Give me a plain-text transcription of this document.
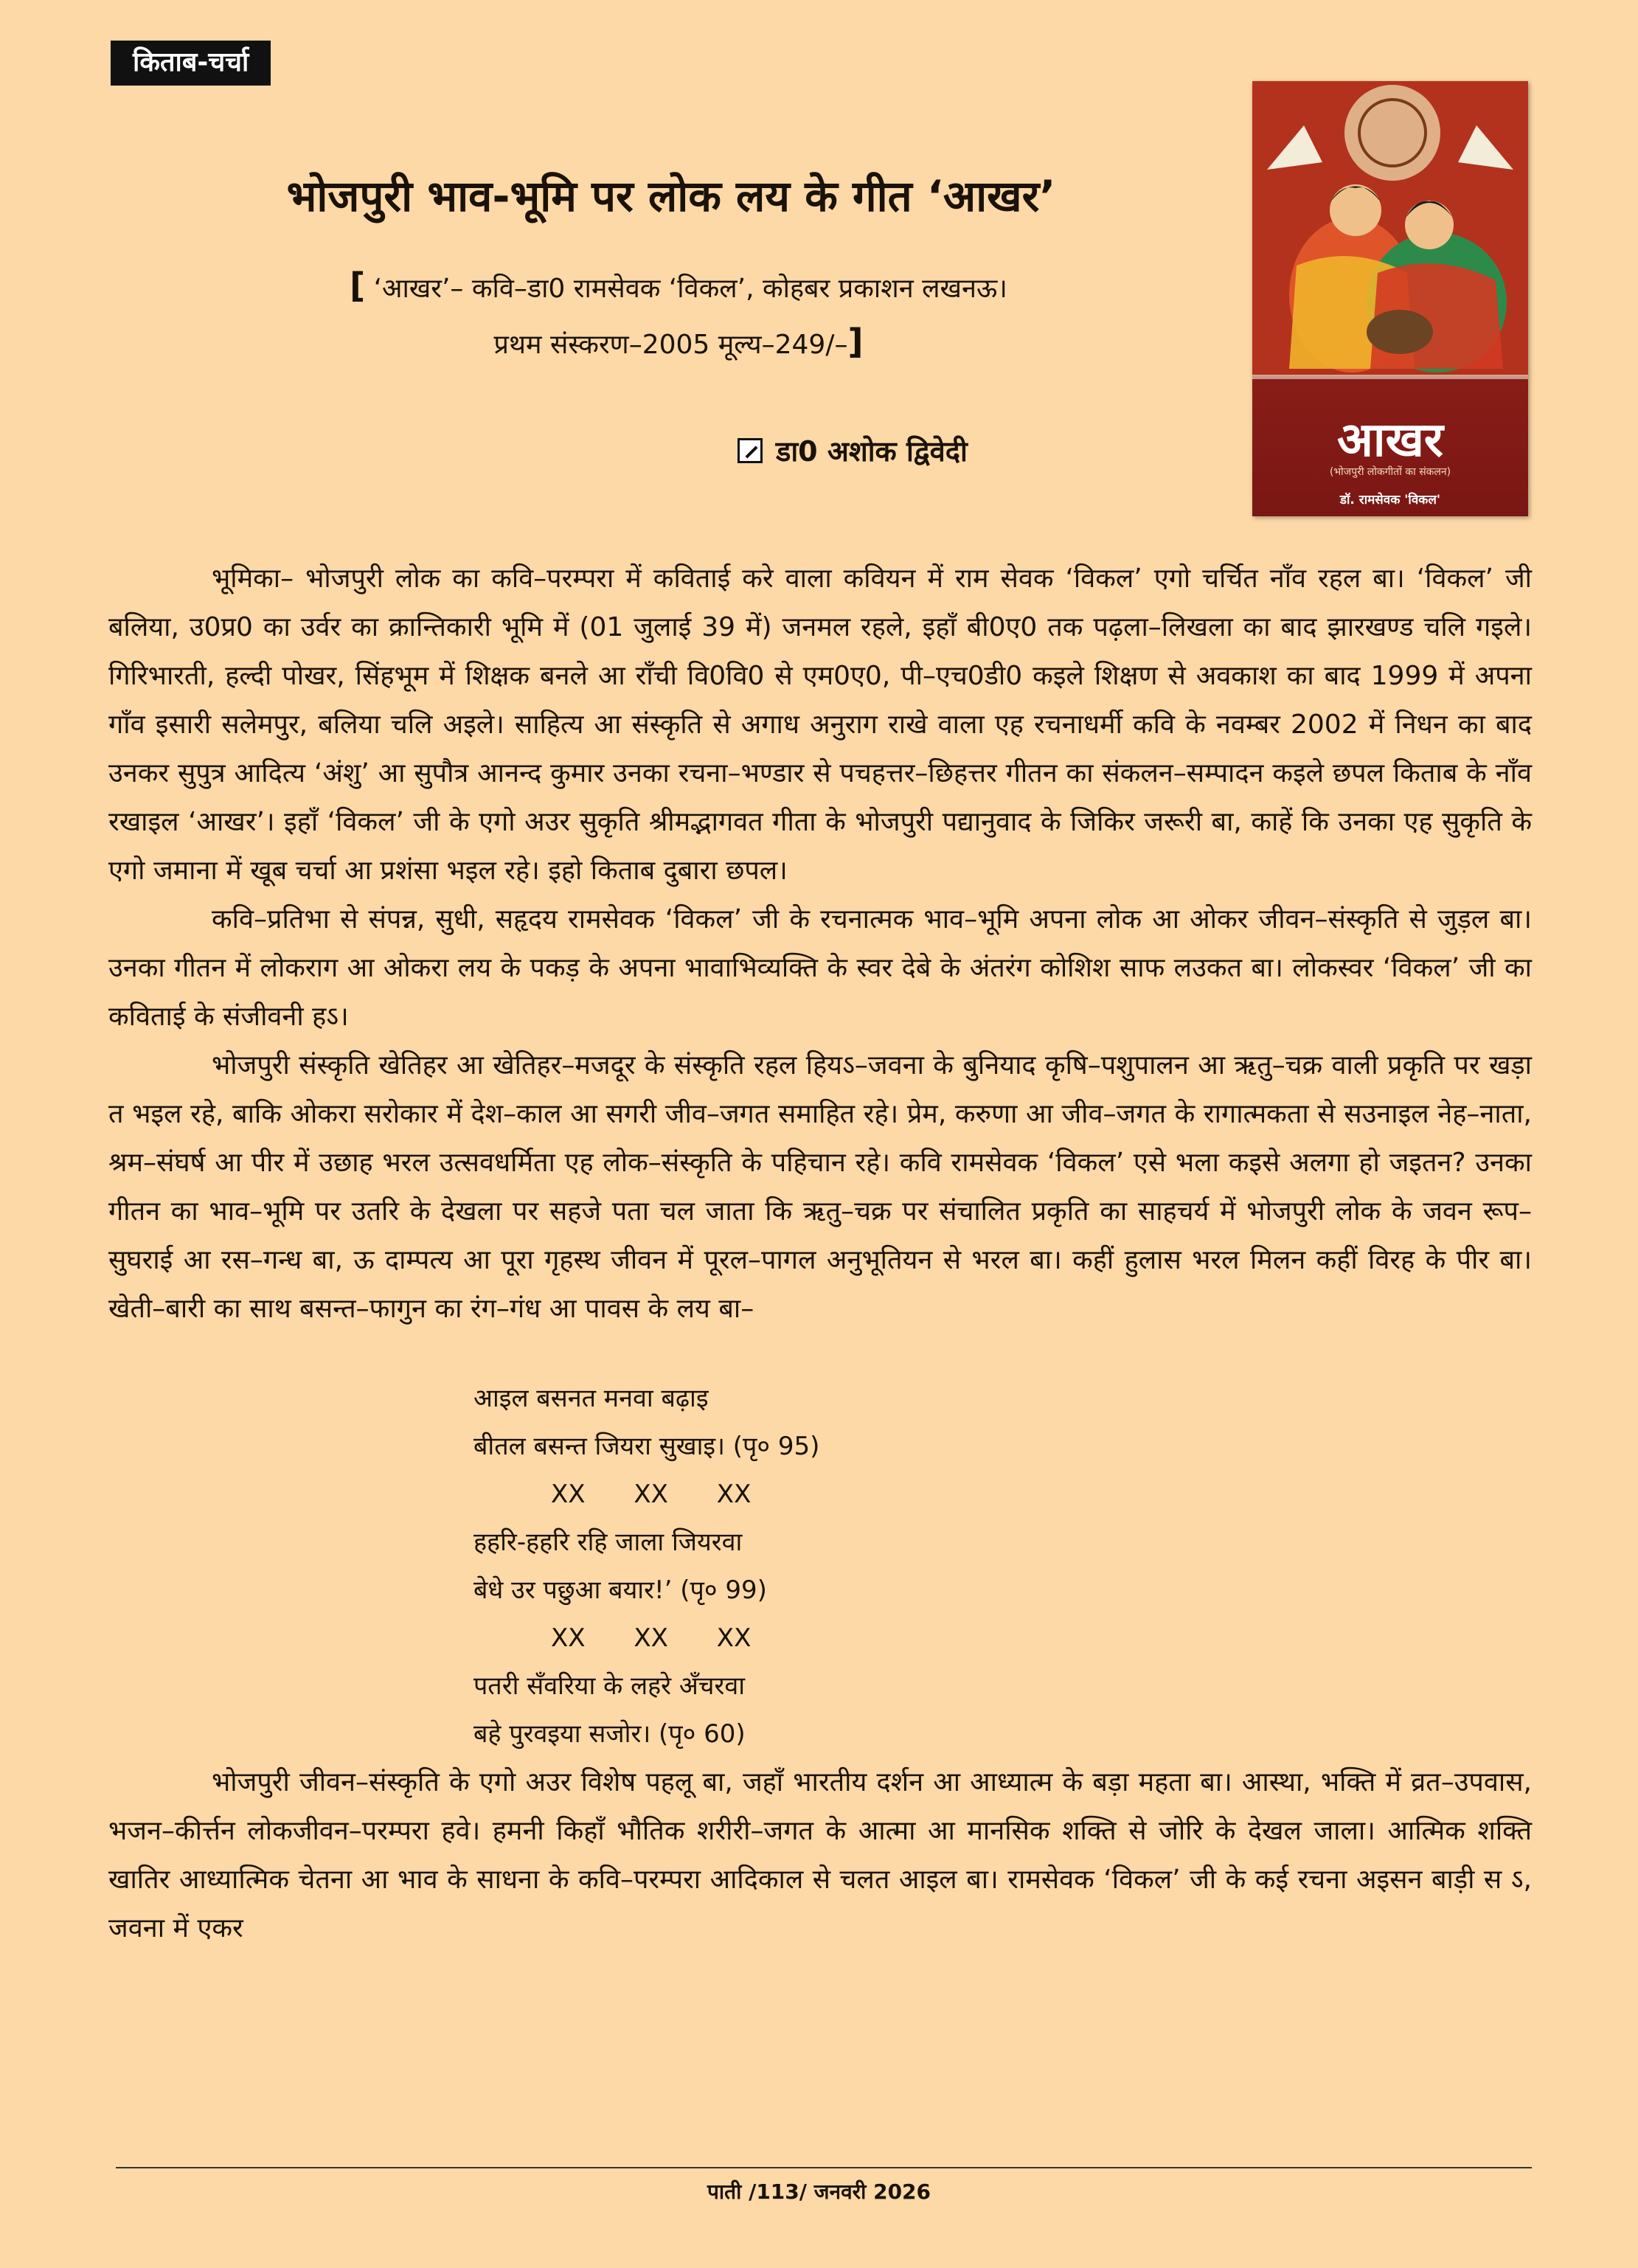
किताब-चर्चा
भोजपुरी भाव-भूमि पर लोक लय के गीत ‘आखर’
[ ‘आखर’– कवि–डा0 रामसेवक ‘विकल’, कोहबर प्रकाशन लखनऊ।
प्रथम संस्करण–2005 मूल्य–249/–]
डा0 अशोक द्विवेदी	आखर
(भोजपुरी लोकगीतों का संकलन)
डॉ. रामसेवक 'विकल'

भूमिका– भोजपुरी लोक का कवि–परम्परा में कविताई करे वाला कवियन में राम सेवक ‘विकल’ एगो चर्चित नाँव रहल बा। ‘विकल’ जी बलिया, उ0प्र0 का उर्वर का क्रान्तिकारी भूमि में (01 जुलाई 39 में) जनमल रहले, इहाँ बी0ए0 तक पढ़ला–लिखला का बाद झारखण्ड चलि गइले। गिरिभारती, हल्दी पोखर, सिंहभूम में शिक्षक बनले आ राँची वि0वि0 से एम0ए0, पी–एच0डी0 कइले शिक्षण से अवकाश का बाद 1999 में अपना गाँव इसारी सलेमपुर, बलिया चलि अइले। साहित्य आ संस्कृति से अगाध अनुराग राखे वाला एह रचनाधर्मी कवि के नवम्बर 2002 में निधन का बाद उनकर सुपुत्र आदित्य ‘अंशु’ आ सुपौत्र आनन्द कुमार उनका रचना–भण्डार से पचहत्तर–छिहत्तर गीतन का संकलन–सम्पादन कइले छपल किताब के नाँव रखाइल ‘आखर’। इहाँ ‘विकल’ जी के एगो अउर सुकृति श्रीमद्भागवत गीता के भोजपुरी पद्यानुवाद के जिकिर जरूरी बा, काहें कि उनका एह सुकृति के एगो जमाना में खूब चर्चा आ प्रशंसा भइल रहे। इहो किताब दुबारा छपल।

कवि–प्रतिभा से संपन्न, सुधी, सहृदय रामसेवक ‘विकल’ जी के रचनात्मक भाव–भूमि अपना लोक आ ओकर जीवन–संस्कृति से जुड़ल बा। उनका गीतन में लोकराग आ ओकरा लय के पकड़ के अपना भावाभिव्यक्ति के स्वर देबे के अंतरंग कोशिश साफ लउकत बा। लोकस्वर ‘विकल’ जी का कविताई के संजीवनी हऽ।

भोजपुरी संस्कृति खेतिहर आ खेतिहर–मजदूर के संस्कृति रहल हियऽ–जवना के बुनियाद कृषि–पशुपालन आ ऋतु–चक्र वाली प्रकृति पर खड़ा त भइल रहे, बाकि ओकरा सरोकार में देश–काल आ सगरी जीव–जगत समाहित रहे। प्रेम, करुणा आ जीव–जगत के रागात्मकता से सउनाइल नेह–नाता, श्रम–संघर्ष आ पीर में उछाह भरल उत्सवधर्मिता एह लोक–संस्कृति के पहिचान रहे। कवि रामसेवक ‘विकल’ एसे भला कइसे अलगा हो जइतन? उनका गीतन का भाव–भूमि पर उतरि के देखला पर सहजे पता चल जाता कि ऋतु–चक्र पर संचालित प्रकृति का साहचर्य में भोजपुरी लोक के जवन रूप–सुघराई आ रस–गन्ध बा, ऊ दाम्पत्य आ पूरा गृहस्थ जीवन में पूरल–पागल अनुभूतियन से भरल बा। कहीं हुलास भरल मिलन कहीं विरह के पीर बा। खेती–बारी का साथ बसन्त–फागुन का रंग–गंध आ पावस के लय बा–

आइल बसनत मनवा बढ़ाइ
बीतल बसन्त जियरा सुखाइ। (पृ० 95)
XX XX XX
हहरि-हहरि रहि जाला जियरवा
बेधे उर पछुआ बयार!’ (पृ० 99)
XX XX XX
पतरी सँवरिया के लहरे अँचरवा
बहे पुरवइया सजोर। (पृ० 60)

भोजपुरी जीवन–संस्कृति के एगो अउर विशेष पहलू बा, जहाँ भारतीय दर्शन आ आध्यात्म के बड़ा महता बा। आस्था, भक्ति में व्रत–उपवास, भजन–कीर्त्तन लोकजीवन–परम्परा हवे। हमनी किहाँ भौतिक शरीरी–जगत के आत्मा आ मानसिक शक्ति से जोरि के देखल जाला। आत्मिक शक्ति खातिर आध्यात्मिक चेतना आ भाव के साधना के कवि–परम्परा आदिकाल से चलत आइल बा। रामसेवक ‘विकल’ जी के कई रचना अइसन बाड़ी स ऽ, जवना में एकर

पाती /113/ जनवरी 2026
